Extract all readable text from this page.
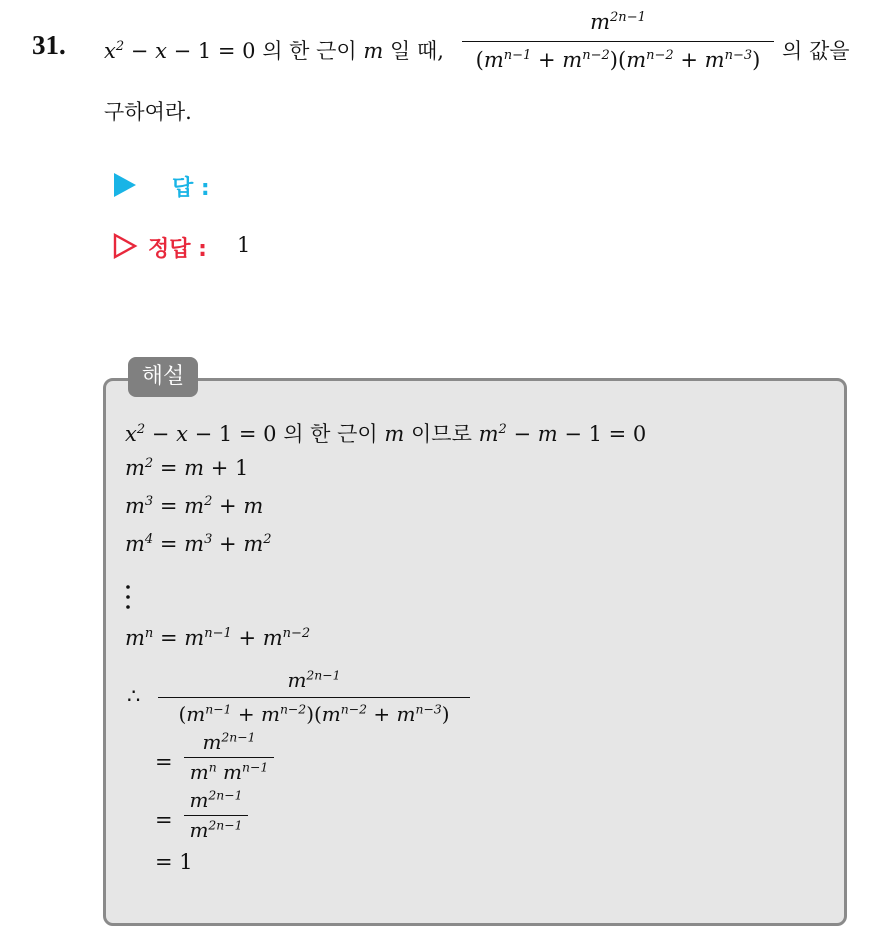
31. $x^2 - x - 1 = 0$ 의 한 근이 m 일 때,
$m^{2n-1}$
$(m^{n-1} + m^{n-2})(m^{n-2} + m^{n-3})$	의 값을
구하여라.
답 :
정답 : 1
해설
$x^2 - x - 1 = 0$ 의 한 근이 m 이므로 $m^2 - m - 1 = 0$
$m^2 = m + 1$
$m^3 = m^2 + m$
$m^4 = m^3 + m^2$
$m^n = m^{n-1} + m^{n-2}$
∴
$m^{2n-1}$
$(m^{n-1} + m^{n-2})(m^{n-2} + m^{n-3})$
=
$m^{2n-1}$
$m^n$ $m^{n-1}$
=
$m^{2n-1}$
$m^{2n-1}$
= 1
